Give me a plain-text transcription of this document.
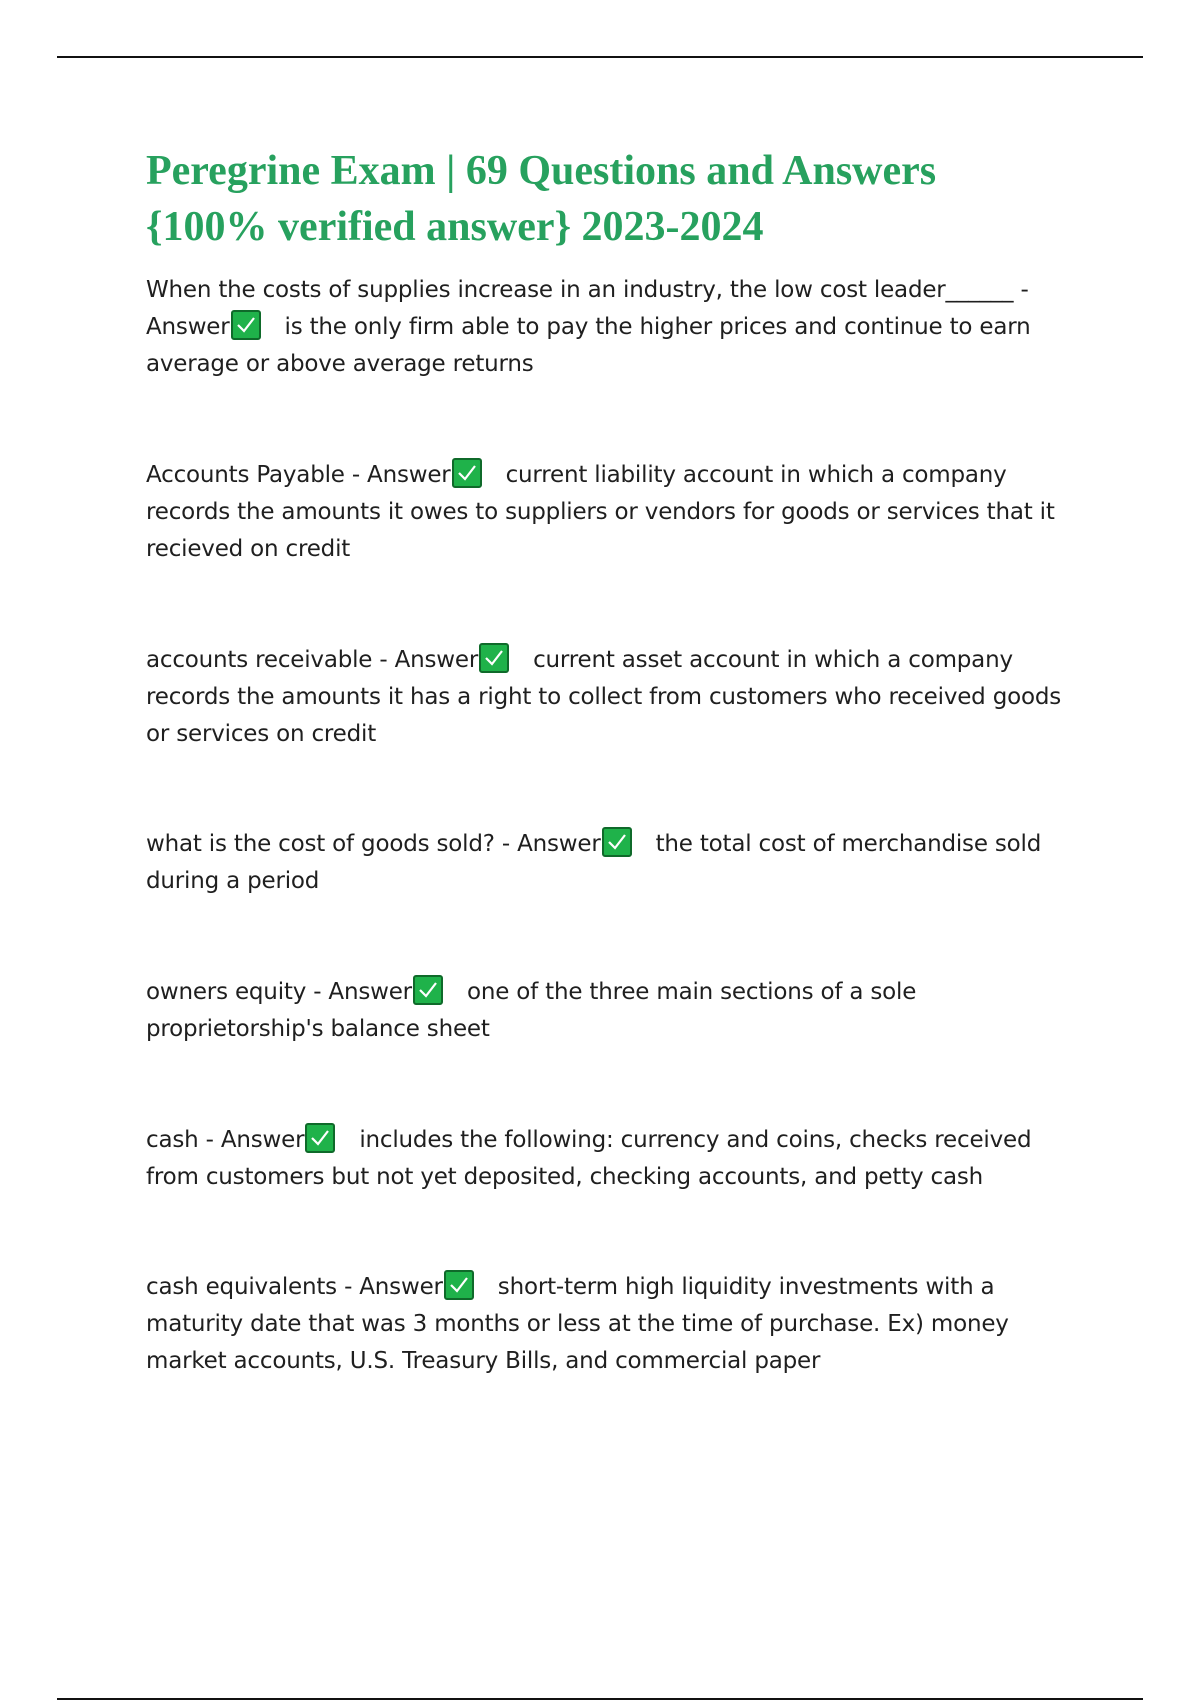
Peregrine Exam | 69 Questions and Answers
{100% verified answer} 2023-2024
When the costs of supplies increase in an industry, the low cost leader______ - Answer is the only firm able to pay the higher prices and continue to earn average or above average returns
Accounts Payable - Answer current liability account in which a company records the amounts it owes to suppliers or vendors for goods or services that it recieved on credit
accounts receivable - Answer current asset account in which a company records the amounts it has a right to collect from customers who received goods or services on credit
what is the cost of goods sold? - Answer the total cost of merchandise sold during a period
owners equity - Answer one of the three main sections of a sole proprietorship's balance sheet
cash - Answer includes the following: currency and coins, checks received from customers but not yet deposited, checking accounts, and petty cash
cash equivalents - Answer short-term high liquidity investments with a maturity date that was 3 months or less at the time of purchase. Ex) money market accounts, U.S. Treasury Bills, and commercial paper
